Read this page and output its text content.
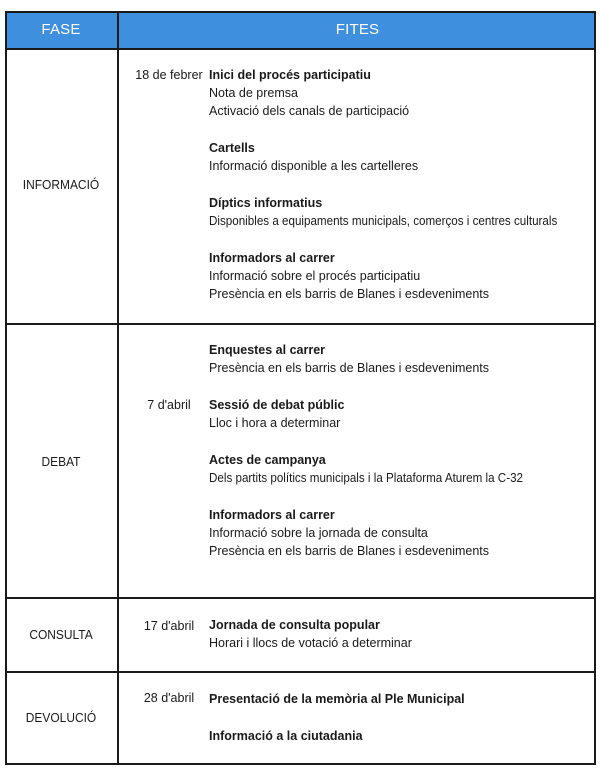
FASE	FITES
INFORMACIÓ
DEBAT
CONSULTA
DEVOLUCIÓ
18 de febrer
7 d'abril
17 d'abril
28 d'abril
Inici del procés participatiu
Nota de premsa
Activació dels canals de participació
Cartells
Informació disponible a les cartelleres
Díptics informatius
Disponibles a equipaments municipals, comerços i centres culturals
Informadors al carrer
Informació sobre el procés participatiu
Presència en els barris de Blanes i esdeveniments
Enquestes al carrer
Presència en els barris de Blanes i esdeveniments
Sessió de debat públic
Lloc i hora a determinar
Actes de campanya
Dels partits polítics municipals i la Plataforma Aturem la C-32
Informadors al carrer
Informació sobre la jornada de consulta
Presència en els barris de Blanes i esdeveniments
Jornada de consulta popular
Horari i llocs de votació a determinar
Presentació de la memòria al Ple Municipal
Informació a la ciutadania
